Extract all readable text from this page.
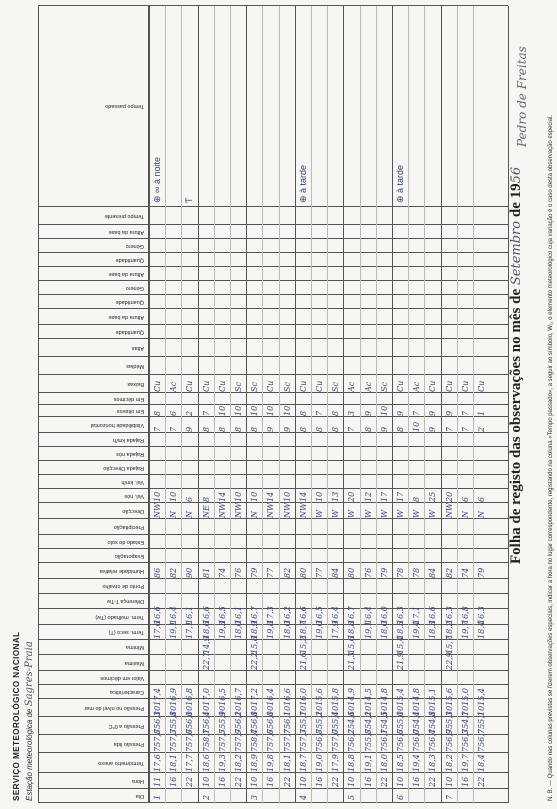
SERVIÇO METEOROLÓGICO NACIONAL Estação meteorológica de Sagres-Praia
Folha de registo das observações no mês de Setembro de 1956
Dia
Hora
Termómetro anexo
Pressão lida
Pressão a 0°C
Pressão no nível do mar
Característica
Valor em décimos
Máxima
Mínima
Term. seco (T)
Term. molhado (Tw)
Diferença T-Tw
Ponto de orvalho
Humidade relativa
Evaporação
Estado do solo
Precipitação
Direcção
Vel. nós
Vel. km/h
Rajada Direcção
Rajada nós
Rajada km/h
Visibilidade horizontal
Em oitavos
Em décimos
Baixas
Médias
Altas
Quantidade
Altura da base
Quantidade
Género
Altura da base
Quantidade
Género
Altura da base
Tempo presente
Tempo passado
1
11
17,6
757,8
756,3
1017,4
17,6
16,6
86
NW
10
7
8
Cu
⊕ ∞ à noite
16
18,1
757,3
755,8
1016,9
19,1
16,4
82
N
10
7
6
Ac
22
17,7
757,6
756,0
1016,8
17,1
16,1
90
N
6
9
2
Cu
Ƭ
2
10
18,6
758,1
756,4
1017,0
22,7
14,9
18,6
16,6
81
NE
8
8
7
Cu
16
19,3
757,5
755,9
1016,5
19,3
16,5
74
NW
14
8
10
Cu
22
18,2
757,9
756,2
1016,7
18,0
16,1
76
NW
10
8
10
Sc
3
10
18,9
758,4
756,8
1017,2
22,2
15,8
18,9
16,7
79
N
10
8
10
Sc
16
19,8
757,6
756,0
1016,4
19,8
17,3
77
NW
14
9
10
Cu
22
18,1
757,7
756,1
1016,6
18,0
16,2
82
NW
10
9
10
Sc
4
10
18,7
757,3
755,7
1016,0
21,6
15,2
18,7
16,6
80
NW
14
8
8
Cu
⊕ à tarde
16
19,0
756,8
755,2
1015,6
19,0
16,5
77
W
10
8
7
Cu
22
17,9
757,0
755,4
1015,8
17,9
16,4
84
W
13
8
8
Sc
5
10
18,8
756,2
754,6
1014,9
21,3
15,6
18,8
16,7
80
W
20
7
3
Ac
16
19,1
755,8
754,2
1014,5
19,1
16,4
76
W
12
8
9
Ac
22
18,0
756,1
754,5
1014,8
18,0
16,0
79
W
17
9
10
Sc
6
10
18,5
756,6
755,0
1015,4
21,9
15,4
18,5
16,3
78
W
17
8
9
Cu
⊕ à tarde
16
19,4
756,0
754,4
1014,8
19,4
17,1
78
W
8
10
7
Ac
22
18,3
756,4
754,8
1015,1
18,3
16,6
84
W
25
9
9
Cu
7
10
18,2
756,9
755,3
1015,6
22,9
15,7
18,2
16,3
82
NW
20
7
9
Cu
16
19,7
756,3
754,7
1015,0
19,7
16,8
74
N
6
7
7
Cu
22
18,4
756,7
755,1
1015,4
18,4
16,3
79
N
6
2
1
Cu	N. B. — Quando nas colunas previstas se fizerem observações especiais, indicar a hora no lugar correspondente, registando na coluna «Tempo passado», a seguir ao símbolo, W₁, o elemento meteorológico cuja variação é o caso desta observação especial.
Pedro de Freitas
